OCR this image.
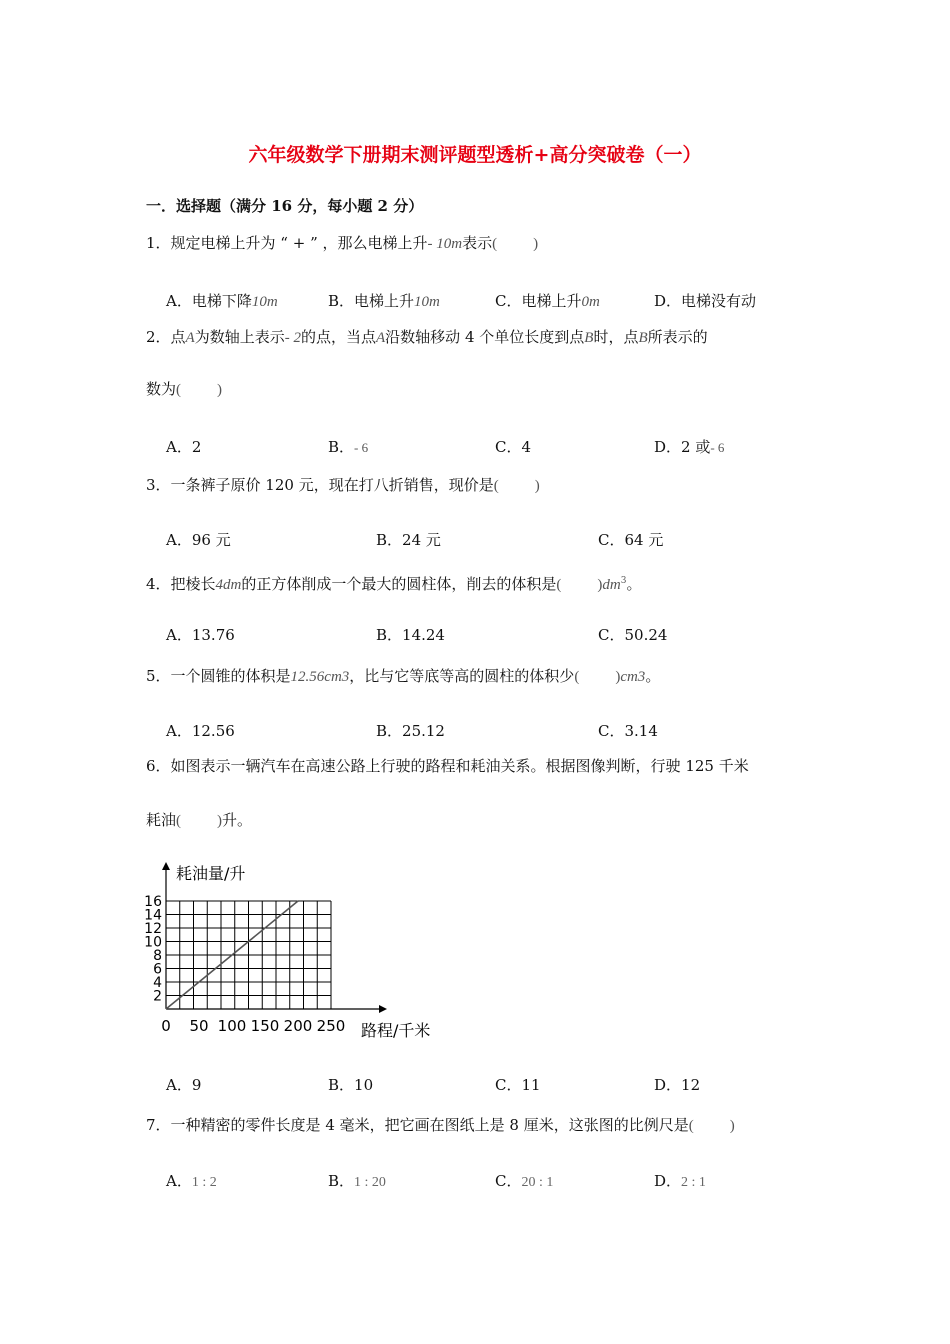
六年级数学下册期末测评题型透析+高分突破卷（一）
一．选择题（满分 16 分，每小题 2 分）
1．规定电梯上升为 “ + ” ，那么电梯上升- 10m表示( )
A．电梯下降10m	B．电梯上升10m	C．电梯上升0m	D．电梯没有动
2．点A为数轴上表示- 2的点，当点A沿数轴移动 4 个单位长度到点B时，点B所表示的
数为( )
A．2	B．- 6	C．4	D．2 或- 6
3．一条裤子原价 120 元，现在打八折销售，现价是( )
A．96 元	B．24 元	C．64 元
4．把棱长4dm的正方体削成一个最大的圆柱体，削去的体积是( )$dm^3$。
A．13.76	B．14.24	C．50.24
5．一个圆锥的体积是12.56cm3，比与它等底等高的圆柱的体积少( )cm3。
A．12.56	B．25.12	C．3.14
6．如图表示一辆汽车在高速公路上行驶的路程和耗油关系。根据图像判断，行驶 125 千米
耗油( )升。
0 50 100 150 200 250
2
4
6
8
10
12
14
16
耗油量/升
路程/千米
A．9	B．10	C．11	D．12
7．一种精密的零件长度是 4 毫米，把它画在图纸上是 8 厘米，这张图的比例尺是( )
A．1 : 2	B．1 : 20	C．20 : 1	D．2 : 1
